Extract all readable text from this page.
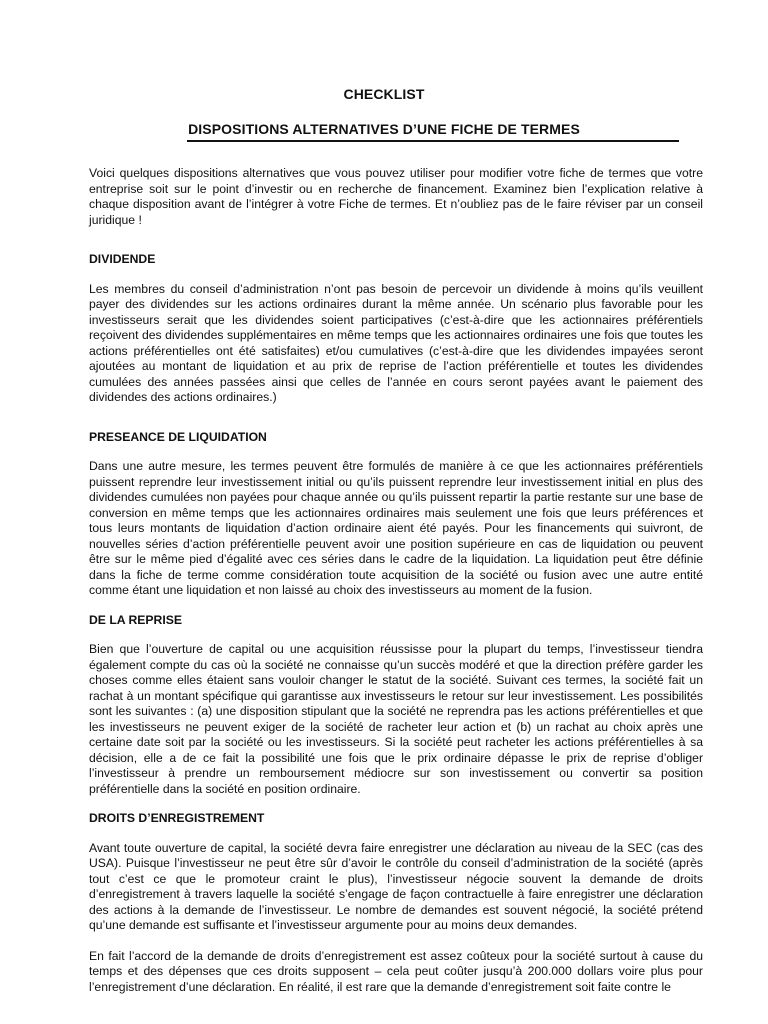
CHECKLIST
DISPOSITIONS ALTERNATIVES D’UNE FICHE DE TERMES

Voici quelques dispositions alternatives que vous pouvez utiliser pour modifier votre fiche de termes que votre entreprise soit sur le point d’investir ou en recherche de financement. Examinez bien l’explication relative à chaque disposition avant de l’intégrer à votre Fiche de termes. Et n’oubliez pas de le faire réviser par un conseil juridique !

DIVIDENDE

Les membres du conseil d’administration n’ont pas besoin de percevoir un dividende à moins qu’ils veuillent payer des dividendes sur les actions ordinaires durant la même année. Un scénario plus favorable pour les investisseurs serait que les dividendes soient participatives (c’est-à-dire que les actionnaires préférentiels reçoivent des dividendes supplémentaires en même temps que les actionnaires ordinaires une fois que toutes les actions préférentielles ont été satisfaites) et/ou cumulatives (c’est-à-dire que les dividendes impayées seront ajoutées au montant de liquidation et au prix de reprise de l’action préférentielle et toutes les dividendes cumulées des années passées ainsi que celles de l’année en cours seront payées avant le paiement des dividendes des actions ordinaires.)

PRESEANCE DE LIQUIDATION

Dans une autre mesure, les termes peuvent être formulés de manière à ce que les actionnaires préférentiels puissent reprendre leur investissement initial ou qu’ils puissent reprendre leur investissement initial en plus des dividendes cumulées non payées pour chaque année ou qu’ils puissent repartir la partie restante sur une base de conversion en même temps que les actionnaires ordinaires mais seulement une fois que leurs préférences et tous leurs montants de liquidation d’action ordinaire aient été payés. Pour les financements qui suivront, de nouvelles séries d’action préférentielle peuvent avoir une position supérieure en cas de liquidation ou peuvent être sur le même pied d’égalité avec ces séries dans le cadre de la liquidation. La liquidation peut être définie dans la fiche de terme comme considération toute acquisition de la société ou fusion avec une autre entité comme étant une liquidation et non laissé au choix des investisseurs au moment de la fusion.

DE LA REPRISE

Bien que l’ouverture de capital ou une acquisition réussisse pour la plupart du temps, l’investisseur tiendra également compte du cas où la société ne connaisse qu’un succès modéré et que la direction préfère garder les choses comme elles étaient sans vouloir changer le statut de la société. Suivant ces termes, la société fait un rachat à un montant spécifique qui garantisse aux investisseurs le retour sur leur investissement. Les possibilités sont les suivantes : (a) une disposition stipulant que la société ne reprendra pas les actions préférentielles et que les investisseurs ne peuvent exiger de la société de racheter leur action et (b) un rachat au choix après une certaine date soit par la société ou les investisseurs. Si la société peut racheter les actions préférentielles à sa décision, elle a de ce fait la possibilité une fois que le prix ordinaire dépasse le prix de reprise d’obliger l’investisseur à prendre un remboursement médiocre sur son investissement ou convertir sa position préférentielle dans la société en position ordinaire.

DROITS D’ENREGISTREMENT

Avant toute ouverture de capital, la société devra faire enregistrer une déclaration au niveau de la SEC (cas des USA). Puisque l’investisseur ne peut être sûr d’avoir le contrôle du conseil d’administration de la société (après tout c’est ce que le promoteur craint le plus), l’investisseur négocie souvent la demande de droits d’enregistrement à travers laquelle la société s’engage de façon contractuelle à faire enregistrer une déclaration des actions à la demande de l’investisseur. Le nombre de demandes est souvent négocié, la société prétend qu’une demande est suffisante et l’investisseur argumente pour au moins deux demandes.

En fait l’accord de la demande de droits d’enregistrement est assez coûteux pour la société surtout à cause du temps et des dépenses que ces droits supposent – cela peut coûter jusqu’à 200.000 dollars voire plus pour l’enregistrement d’une déclaration. En réalité, il est rare que la demande d’enregistrement soit faite contre le
